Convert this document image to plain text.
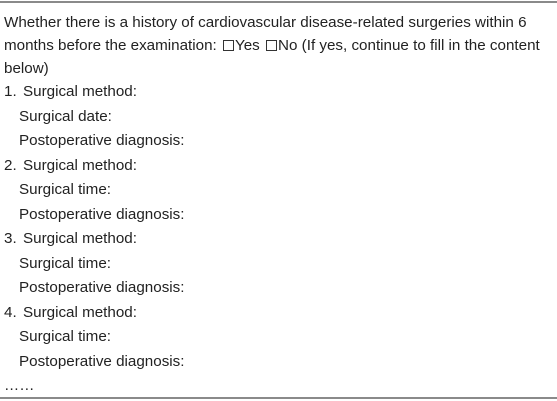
Whether there is a history of cardiovascular disease-related surgeries within 6 months before the examination: Yes No (If yes, continue to fill in the content below)

1. Surgical method:
Surgical date:
Postoperative diagnosis:
2. Surgical method:
Surgical time:
Postoperative diagnosis:
3. Surgical method:
Surgical time:
Postoperative diagnosis:
4. Surgical method:
Surgical time:
Postoperative diagnosis:
……
